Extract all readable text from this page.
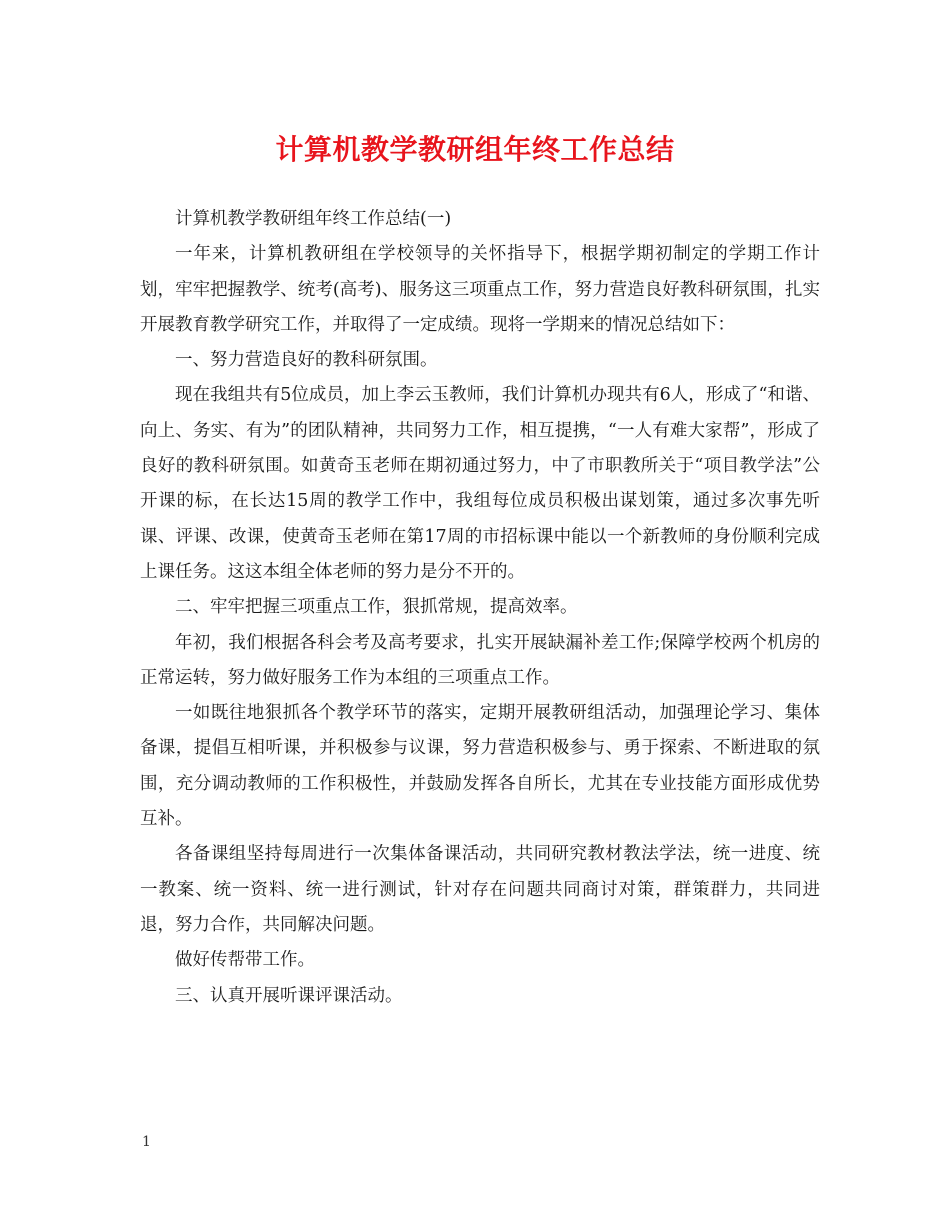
计算机教学教研组年终工作总结

计算机教学教研组年终工作总结(一)

一年来，计算机教研组在学校领导的关怀指导下，根据学期初制定的学期工作计划，牢牢把握教学、统考(高考)、服务这三项重点工作，努力营造良好教科研氛围，扎实开展教育教学研究工作，并取得了一定成绩。现将一学期来的情况总结如下：

一、努力营造良好的教科研氛围。

现在我组共有5位成员，加上李云玉教师，我们计算机办现共有6人，形成了“和谐、向上、务实、有为”的团队精神，共同努力工作，相互提携，“一人有难大家帮”，形成了良好的教科研氛围。如黄奇玉老师在期初通过努力，中了市职教所关于“项目教学法”公开课的标，在长达15周的教学工作中，我组每位成员积极出谋划策，通过多次事先听课、评课、改课，使黄奇玉老师在第17周的市招标课中能以一个新教师的身份顺利完成上课任务。这这本组全体老师的努力是分不开的。

二、牢牢把握三项重点工作，狠抓常规，提高效率。

年初，我们根据各科会考及高考要求，扎实开展缺漏补差工作;保障学校两个机房的正常运转，努力做好服务工作为本组的三项重点工作。

一如既往地狠抓各个教学环节的落实，定期开展教研组活动，加强理论学习、集体备课，提倡互相听课，并积极参与议课，努力营造积极参与、勇于探索、不断进取的氛围，充分调动教师的工作积极性，并鼓励发挥各自所长，尤其在专业技能方面形成优势互补。

各备课组坚持每周进行一次集体备课活动，共同研究教材教法学法，统一进度、统一教案、统一资料、统一进行测试，针对存在问题共同商讨对策，群策群力，共同进退，努力合作，共同解决问题。

做好传帮带工作。

三、认真开展听课评课活动。

1
